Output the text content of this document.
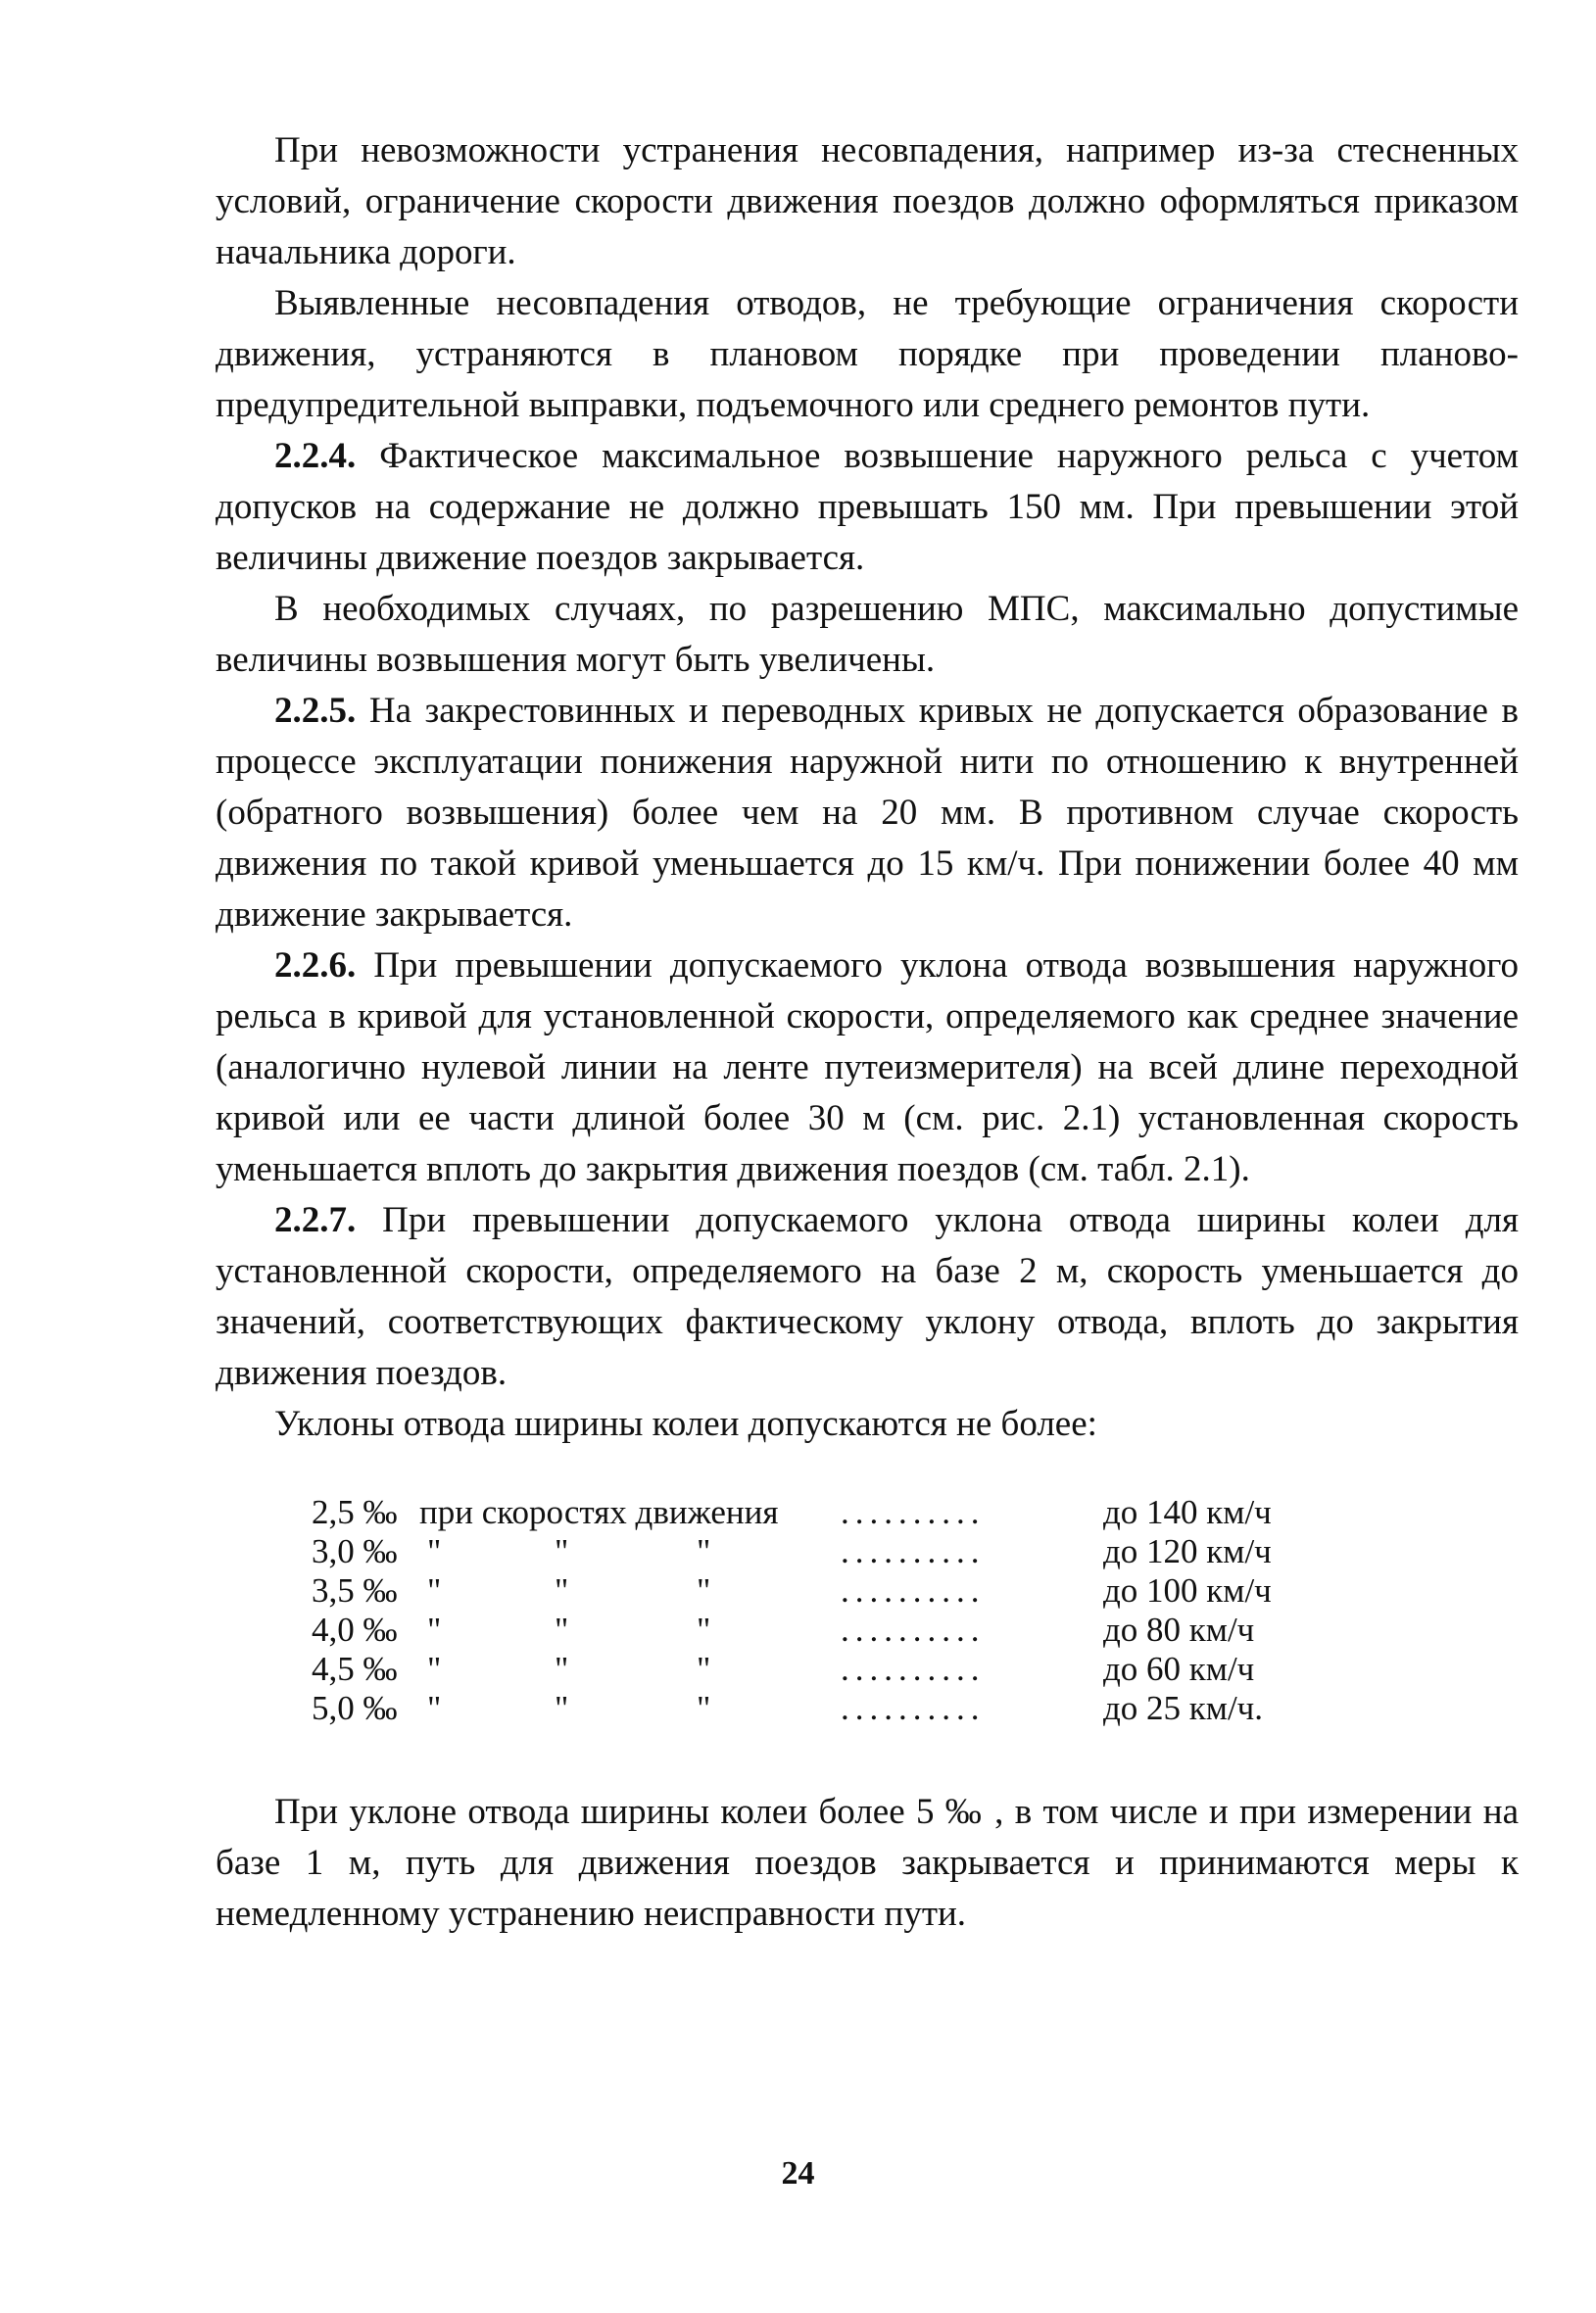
При невозможности устранения несовпадения, например из-за стесненных условий, ограничение скорости движения поездов должно оформляться приказом начальника дороги.

Выявленные несовпадения отводов, не требующие ограничения скорости движения, устраняются в плановом порядке при проведении планово-предупредительной выправки, подъемочного или среднего ремонтов пути.

2.2.4. Фактическое максимальное возвышение наружного рельса с учетом допусков на содержание не должно превышать 150 мм. При превышении этой величины движение поездов закрывается.

В необходимых случаях, по разрешению МПС, максимально допустимые величины возвышения могут быть увеличены.

2.2.5. На закрестовинных и переводных кривых не допускается образование в процессе эксплуатации понижения наружной нити по отношению к внутренней (обратного возвышения) более чем на 20 мм. В противном случае скорость движения по такой кривой уменьшается до 15 км/ч. При понижении более 40 мм движение закрывается.

2.2.6. При превышении допускаемого уклона отвода возвышения наружного рельса в кривой для установленной скорости, определяемого как среднее значение (аналогично нулевой линии на ленте путеизмерителя) на всей длине переходной кривой или ее части длиной более 30 м (см. рис. 2.1) установленная скорость уменьшается вплоть до закрытия движения поездов (см. табл. 2.1).

2.2.7. При превышении допускаемого уклона отвода ширины колеи для установленной скорости, определяемого на базе 2 м, скорость уменьшается до значений, соответствующих фактическому уклону отвода, вплоть до закрытия движения поездов.

Уклоны отвода ширины колеи допускаются не более:

2,5 ‰ при скоростях движения	..........	до 140 км/ч
3,0 ‰ "	"	"	..........	до 120 км/ч
3,5 ‰ "	"	"	..........	до 100 км/ч
4,0 ‰ "	"	"	..........	до 80 км/ч
4,5 ‰ "	"	"	..........	до 60 км/ч
5,0 ‰ "	"	"	..........	до 25 км/ч.

При уклоне отвода ширины колеи более 5 ‰ , в том числе и при измерении на базе 1 м, путь для движения поездов закрывается и принимаются меры к немедленному устранению неисправности пути.

24
